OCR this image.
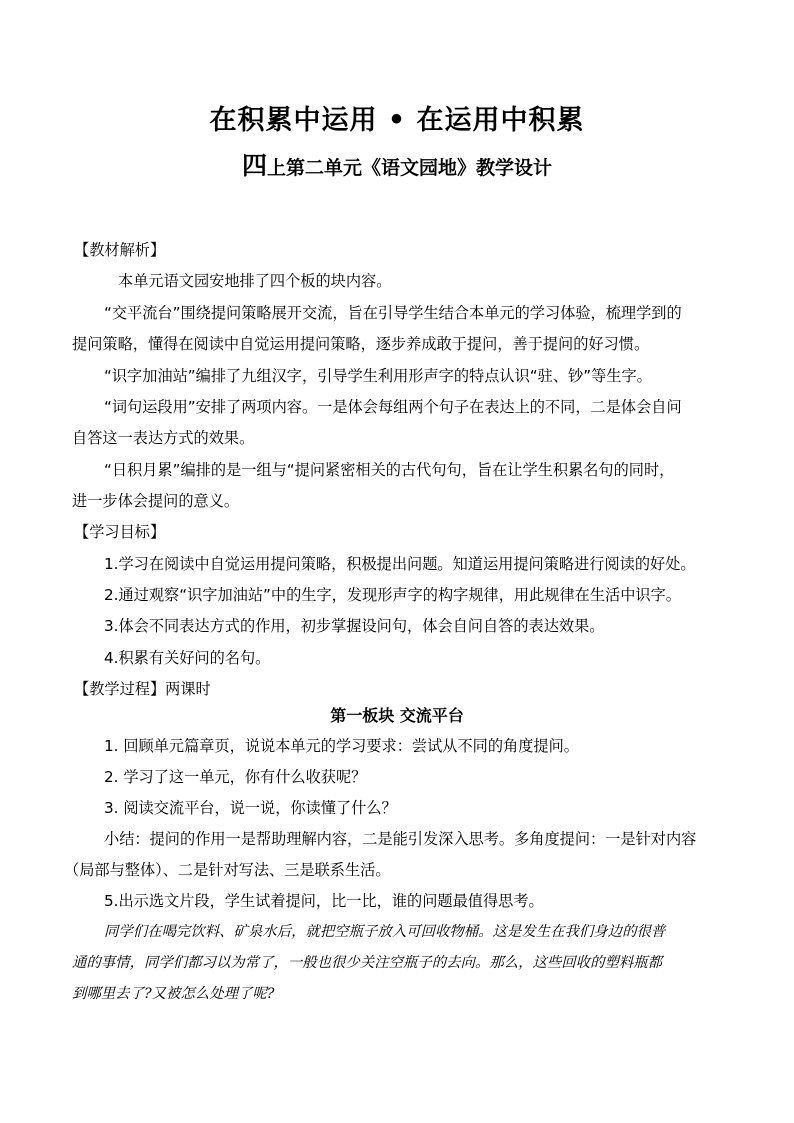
在积累中运用 • 在运用中积累
四上第二单元《语文园地》教学设计
【教材解析】
本单元语文园安地排了四个板的块内容。
“交平流台”围绕提问策略展开交流，旨在引导学生结合本单元的学习体验，梳理学到的
提问策略，懂得在阅读中自觉运用提问策略，逐步养成敢于提问，善于提问的好习惯。
“识字加油站”编排了九组汉字，引导学生利用形声字的特点认识“驻、钞”等生字。
“词句运段用”安排了两项内容。一是体会每组两个句子在表达上的不同，二是体会自问
自答这一表达方式的效果。
“日积月累”编排的是一组与“提问紧密相关的古代句句，旨在让学生积累名句的同时，
进一步体会提问的意义。
【学习目标】
1.学习在阅读中自觉运用提问策略，积极提出问题。知道运用提问策略进行阅读的好处。
2.通过观察“识字加油站”中的生字，发现形声字的构字规律，用此规律在生活中识字。
3.体会不同表达方式的作用，初步掌握设问句，体会自问自答的表达效果。
4.积累有关好问的名句。
【教学过程】两课时
第一板块 交流平台
1. 回顾单元篇章页，说说本单元的学习要求：尝试从不同的角度提问。
2. 学习了这一单元，你有什么收获呢？
3. 阅读交流平台，说一说，你读懂了什么？
小结：提问的作用一是帮助理解内容，二是能引发深入思考。多角度提问：一是针对内容
（局部与整体）、二是针对写法、三是联系生活。
5.出示选文片段，学生试着提问，比一比，谁的问题最值得思考。
同学们在喝完饮料、矿泉水后，就把空瓶子放入可回收物桶。这是发生在我们身边的很普
通的事情，同学们都习以为常了，一般也很少关注空瓶子的去向。那么，这些回收的塑料瓶都
到哪里去了?又被怎么处理了呢?
